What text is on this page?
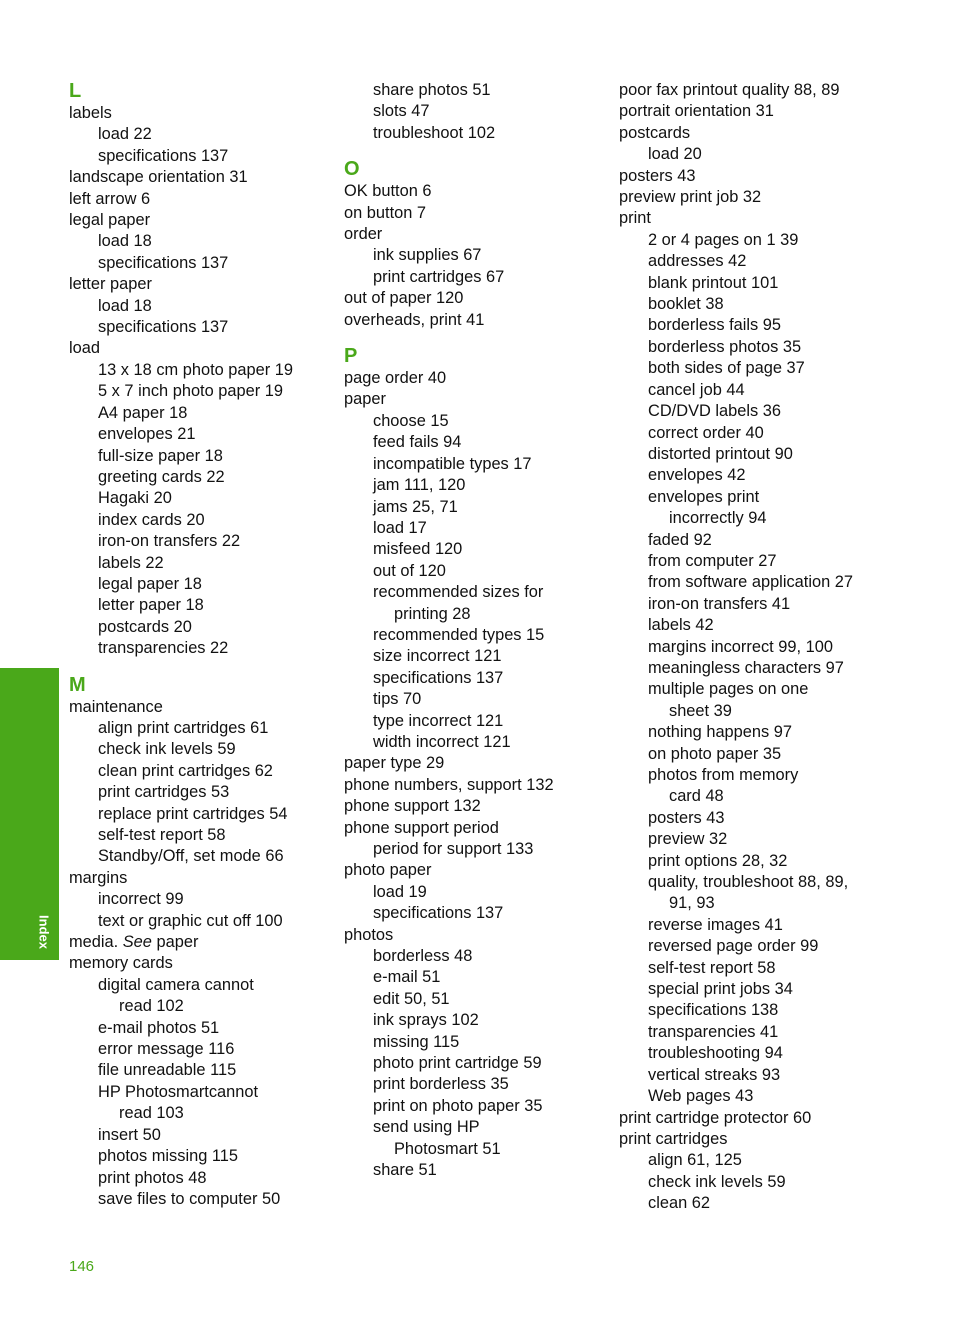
L
labels
load 22
specifications 137
landscape orientation 31
left arrow 6
legal paper
load 18
specifications 137
letter paper
load 18
specifications 137
load
13 x 18 cm photo paper 19
5 x 7 inch photo paper 19
A4 paper 18
envelopes 21
full-size paper 18
greeting cards 22
Hagaki 20
index cards 20
iron-on transfers 22
labels 22
legal paper 18
letter paper 18
postcards 20
transparencies 22
M
maintenance
align print cartridges 61
check ink levels 59
clean print cartridges 62
print cartridges 53
replace print cartridges 54
self-test report 58
Standby/Off, set mode 66
margins
incorrect 99
text or graphic cut off 100
media. See paper
memory cards
digital camera cannot
read 102
e-mail photos 51
error message 116
file unreadable 115
HP Photosmartcannot
read 103
insert 50
photos missing 115
print photos 48
save files to computer 50
share photos 51
slots 47
troubleshoot 102
O
OK button 6
on button 7
order
ink supplies 67
print cartridges 67
out of paper 120
overheads, print 41
P
page order 40
paper
choose 15
feed fails 94
incompatible types 17
jam 111, 120
jams 25, 71
load 17
misfeed 120
out of 120
recommended sizes for
printing 28
recommended types 15
size incorrect 121
specifications 137
tips 70
type incorrect 121
width incorrect 121
paper type 29
phone numbers, support 132
phone support 132
phone support period
period for support 133
photo paper
load 19
specifications 137
photos
borderless 48
e-mail 51
edit 50, 51
ink sprays 102
missing 115
photo print cartridge 59
print borderless 35
print on photo paper 35
send using HP
Photosmart 51
share 51
poor fax printout quality 88, 89
portrait orientation 31
postcards
load 20
posters 43
preview print job 32
print
2 or 4 pages on 1 39
addresses 42
blank printout 101
booklet 38
borderless fails 95
borderless photos 35
both sides of page 37
cancel job 44
CD/DVD labels 36
correct order 40
distorted printout 90
envelopes 42
envelopes print
incorrectly 94
faded 92
from computer 27
from software application 27
iron-on transfers 41
labels 42
margins incorrect 99, 100
meaningless characters 97
multiple pages on one
sheet 39
nothing happens 97
on photo paper 35
photos from memory
card 48
posters 43
preview 32
print options 28, 32
quality, troubleshoot 88, 89,
91, 93
reverse images 41
reversed page order 99
self-test report 58
special print jobs 34
specifications 138
transparencies 41
troubleshooting 94
vertical streaks 93
Web pages 43
print cartridge protector 60
print cartridges
align 61, 125
check ink levels 59
clean 62
Index
146
